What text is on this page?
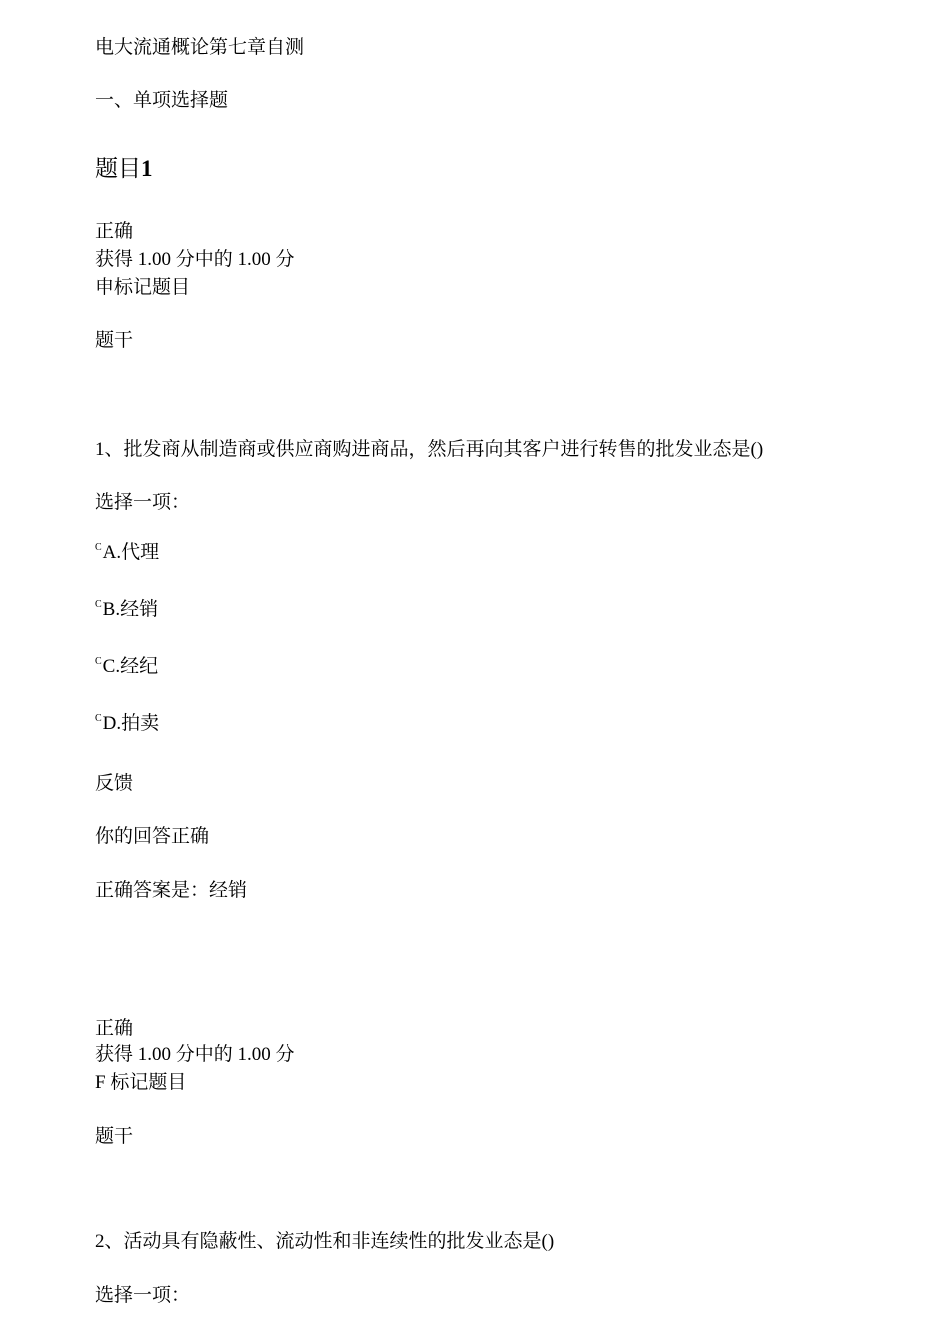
电大流通概论第七章自测
一、单项选择题
题目1
正确
获得 1.00 分中的 1.00 分
申标记题目
题干
1、批发商从制造商或供应商购进商品，然后再向其客户进行转售的批发业态是()
选择一项：
$^C$A.代理
$^C$B.经销
$^C$C.经纪
$^C$D.拍卖
反馈
你的回答正确
正确答案是：经销
正确
获得 1.00 分中的 1.00 分
F 标记题目
题干
2、活动具有隐蔽性、流动性和非连续性的批发业态是()
选择一项：
